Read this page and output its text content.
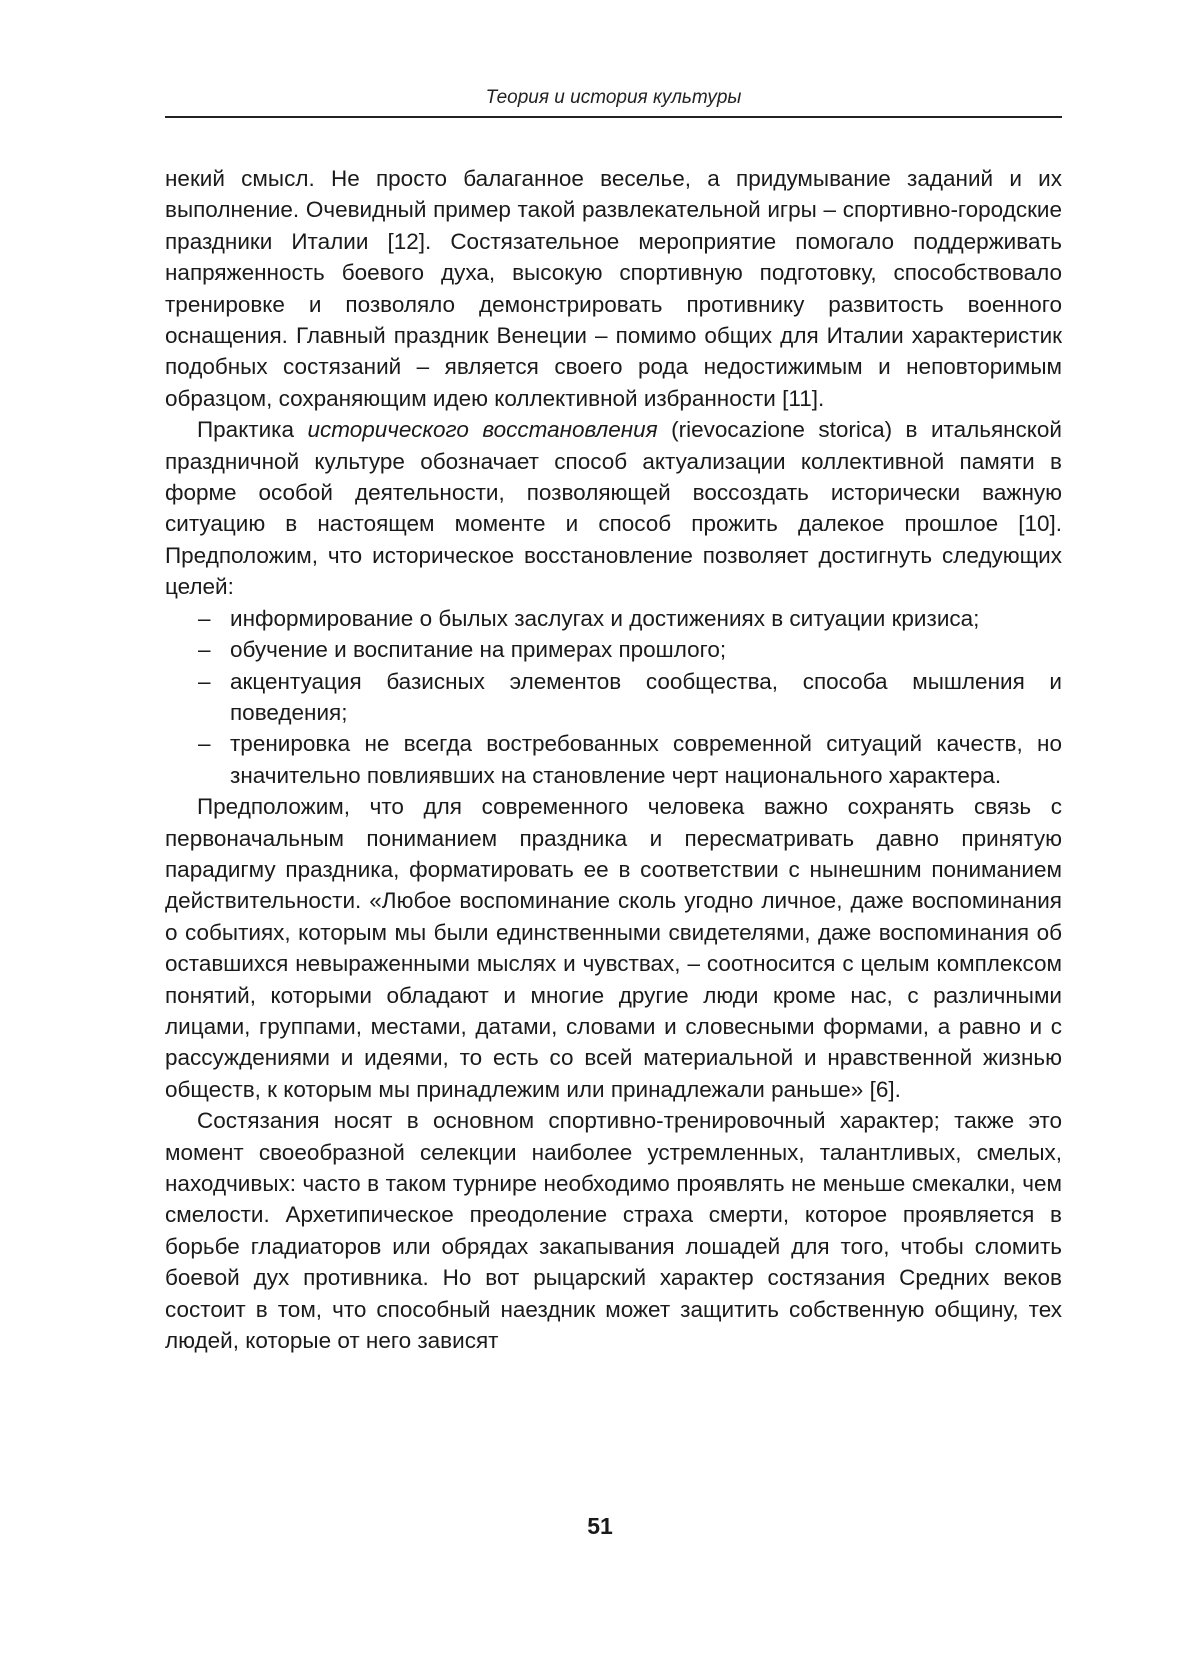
Теория и история культуры

некий смысл. Не просто балаганное веселье, а придумывание заданий и их выполнение. Очевидный пример такой развлекательной игры – спортивно-городские праздники Италии [12]. Состязательное мероприятие помогало поддерживать напряженность боевого духа, высокую спортивную подготовку, способствовало тренировке и позволяло демонстрировать противнику развитость военного оснащения. Главный праздник Венеции – помимо общих для Италии характеристик подобных состязаний – является своего рода недостижимым и неповторимым образцом, сохраняющим идею коллективной избранности [11].

Практика исторического восстановления (rievocazione storica) в итальянской праздничной культуре обозначает способ актуализации коллективной памяти в форме особой деятельности, позволяющей воссоздать исторически важную ситуацию в настоящем моменте и способ прожить далекое прошлое [10]. Предположим, что историческое восстановление позволяет достигнуть следующих целей:

– информирование о былых заслугах и достижениях в ситуации кризиса;
– обучение и воспитание на примерах прошлого;
– акцентуация базисных элементов сообщества, способа мышления и поведения;
– тренировка не всегда востребованных современной ситуаций качеств, но значительно повлиявших на становление черт национального характера.

Предположим, что для современного человека важно сохранять связь с первоначальным пониманием праздника и пересматривать давно принятую парадигму праздника, форматировать ее в соответствии с нынешним пониманием действительности. «Любое воспоминание сколь угодно личное, даже воспоминания о событиях, которым мы были единственными свидетелями, даже воспоминания об оставшихся невыраженными мыслях и чувствах, – соотносится с целым комплексом понятий, которыми обладают и многие другие люди кроме нас, с различными лицами, группами, местами, датами, словами и словесными формами, а равно и с рассуждениями и идеями, то есть со всей материальной и нравственной жизнью обществ, к которым мы принадлежим или принадлежали раньше» [6].

Состязания носят в основном спортивно-тренировочный характер; также это момент своеобразной селекции наиболее устремленных, талантливых, смелых, находчивых: часто в таком турнире необходимо проявлять не меньше смекалки, чем смелости. Архетипическое преодоление страха смерти, которое проявляется в борьбе гладиаторов или обрядах закапывания лошадей для того, чтобы сломить боевой дух противника. Но вот рыцарский характер состязания Средних веков состоит в том, что способный наездник может защитить собственную общину, тех людей, которые от него зависят

51
